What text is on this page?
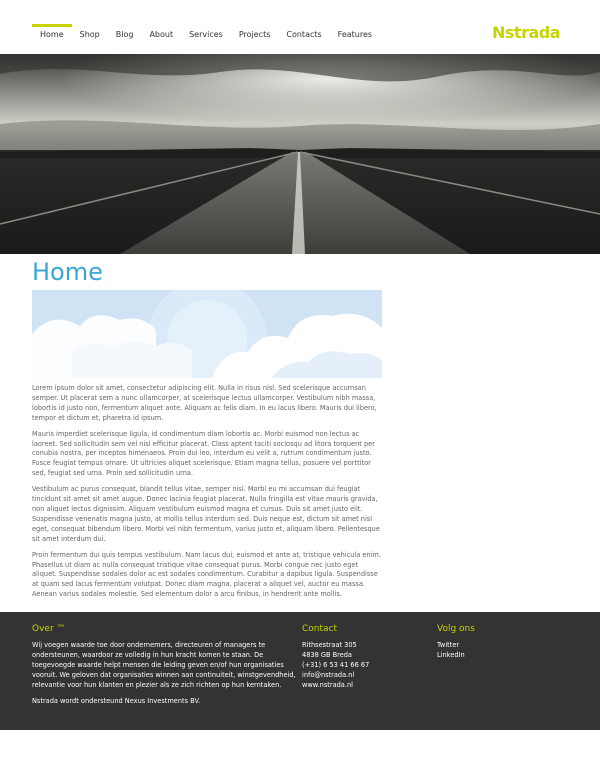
Home	Shop	Blog	About	Services	Projects	Contacts	Features	Nstrada
Home

Lorem ipsum dolor sit amet, consectetur adipiscing elit. Nulla in risus nisl. Sed scelerisque accumsan semper. Ut placerat sem a nunc ullamcorper, at scelerisque lectus ullamcorper. Vestibulum nibh massa, lobortis id justo non, fermentum aliquet ante. Aliquam ac felis diam. In eu lacus libero. Mauris dui libero, tempor et dictum et, pharetra id ipsum.

Mauris imperdiet scelerisque ligula, id condimentum diam lobortis ac. Morbi euismod non lectus ac laoreet. Sed sollicitudin sem vel nisl efficitur placerat. Class aptent taciti sociosqu ad litora torquent per conubia nostra, per inceptos himenaeos. Proin dui leo, interdum eu velit a, rutrum condimentum justo. Fusce feugiat tempus ornare. Ut ultricies aliquet scelerisque. Etiam magna tellus, posuere vel porttitor sed, feugiat sed urna. Proin sed sollicitudin urna.

Vestibulum ac purus consequat, blandit tellus vitae, semper nisl. Morbi eu mi accumsan dui feugiat tincidunt sit amet sit amet augue. Donec lacinia feugiat placerat. Nulla fringilla est vitae mauris gravida, non aliquet lectus dignissim. Aliquam vestibulum euismod magna et cursus. Duis sit amet justo elit. Suspendisse venenatis magna justo, at mollis tellus interdum sed. Duis neque est, dictum sit amet nisl eget, consequat bibendum libero. Morbi vel nibh fermentum, varius justo et, aliquam libero. Pellentesque sit amet interdum dui.

Proin fermentum dui quis tempus vestibulum. Nam lacus dui, euismod et ante at, tristique vehicula enim. Phasellus ut diam ac nulla consequat tristique vitae consequat purus. Morbi congue nec justo eget aliquet. Suspendisse sodales dolor ac est sodales condimentum. Curabitur a dapibus ligula. Suspendisse at quam sed lacus fermentum volutpat. Donec diam magna, placerat a aliquet vel, auctor eu massa. Aenean varius sodales molestie. Sed elementum dolor a arcu finibus, in hendrerit ante mollis.

Over ™

Wij voegen waarde toe door ondernemers, directeuren of managers te ondersteunen, waardoor ze volledig in hun kracht komen te staan. De toegevoegde waarde helpt mensen die leiding geven en/of hun organisaties vooruit. We geloven dat organisaties winnen aan continuiteit, winstgevendheid, relevantie voor hun klanten en plezier als ze zich richten op hun kerntaken.

Nstrada wordt ondersteund Nexus Investments BV.

Contact
Rithsestraat 305
4838 GB Breda
(+31) 6 53 41 66 67
info@nstrada.nl
www.nstrada.nl
Volg ons
Twitter
LinkedIn
